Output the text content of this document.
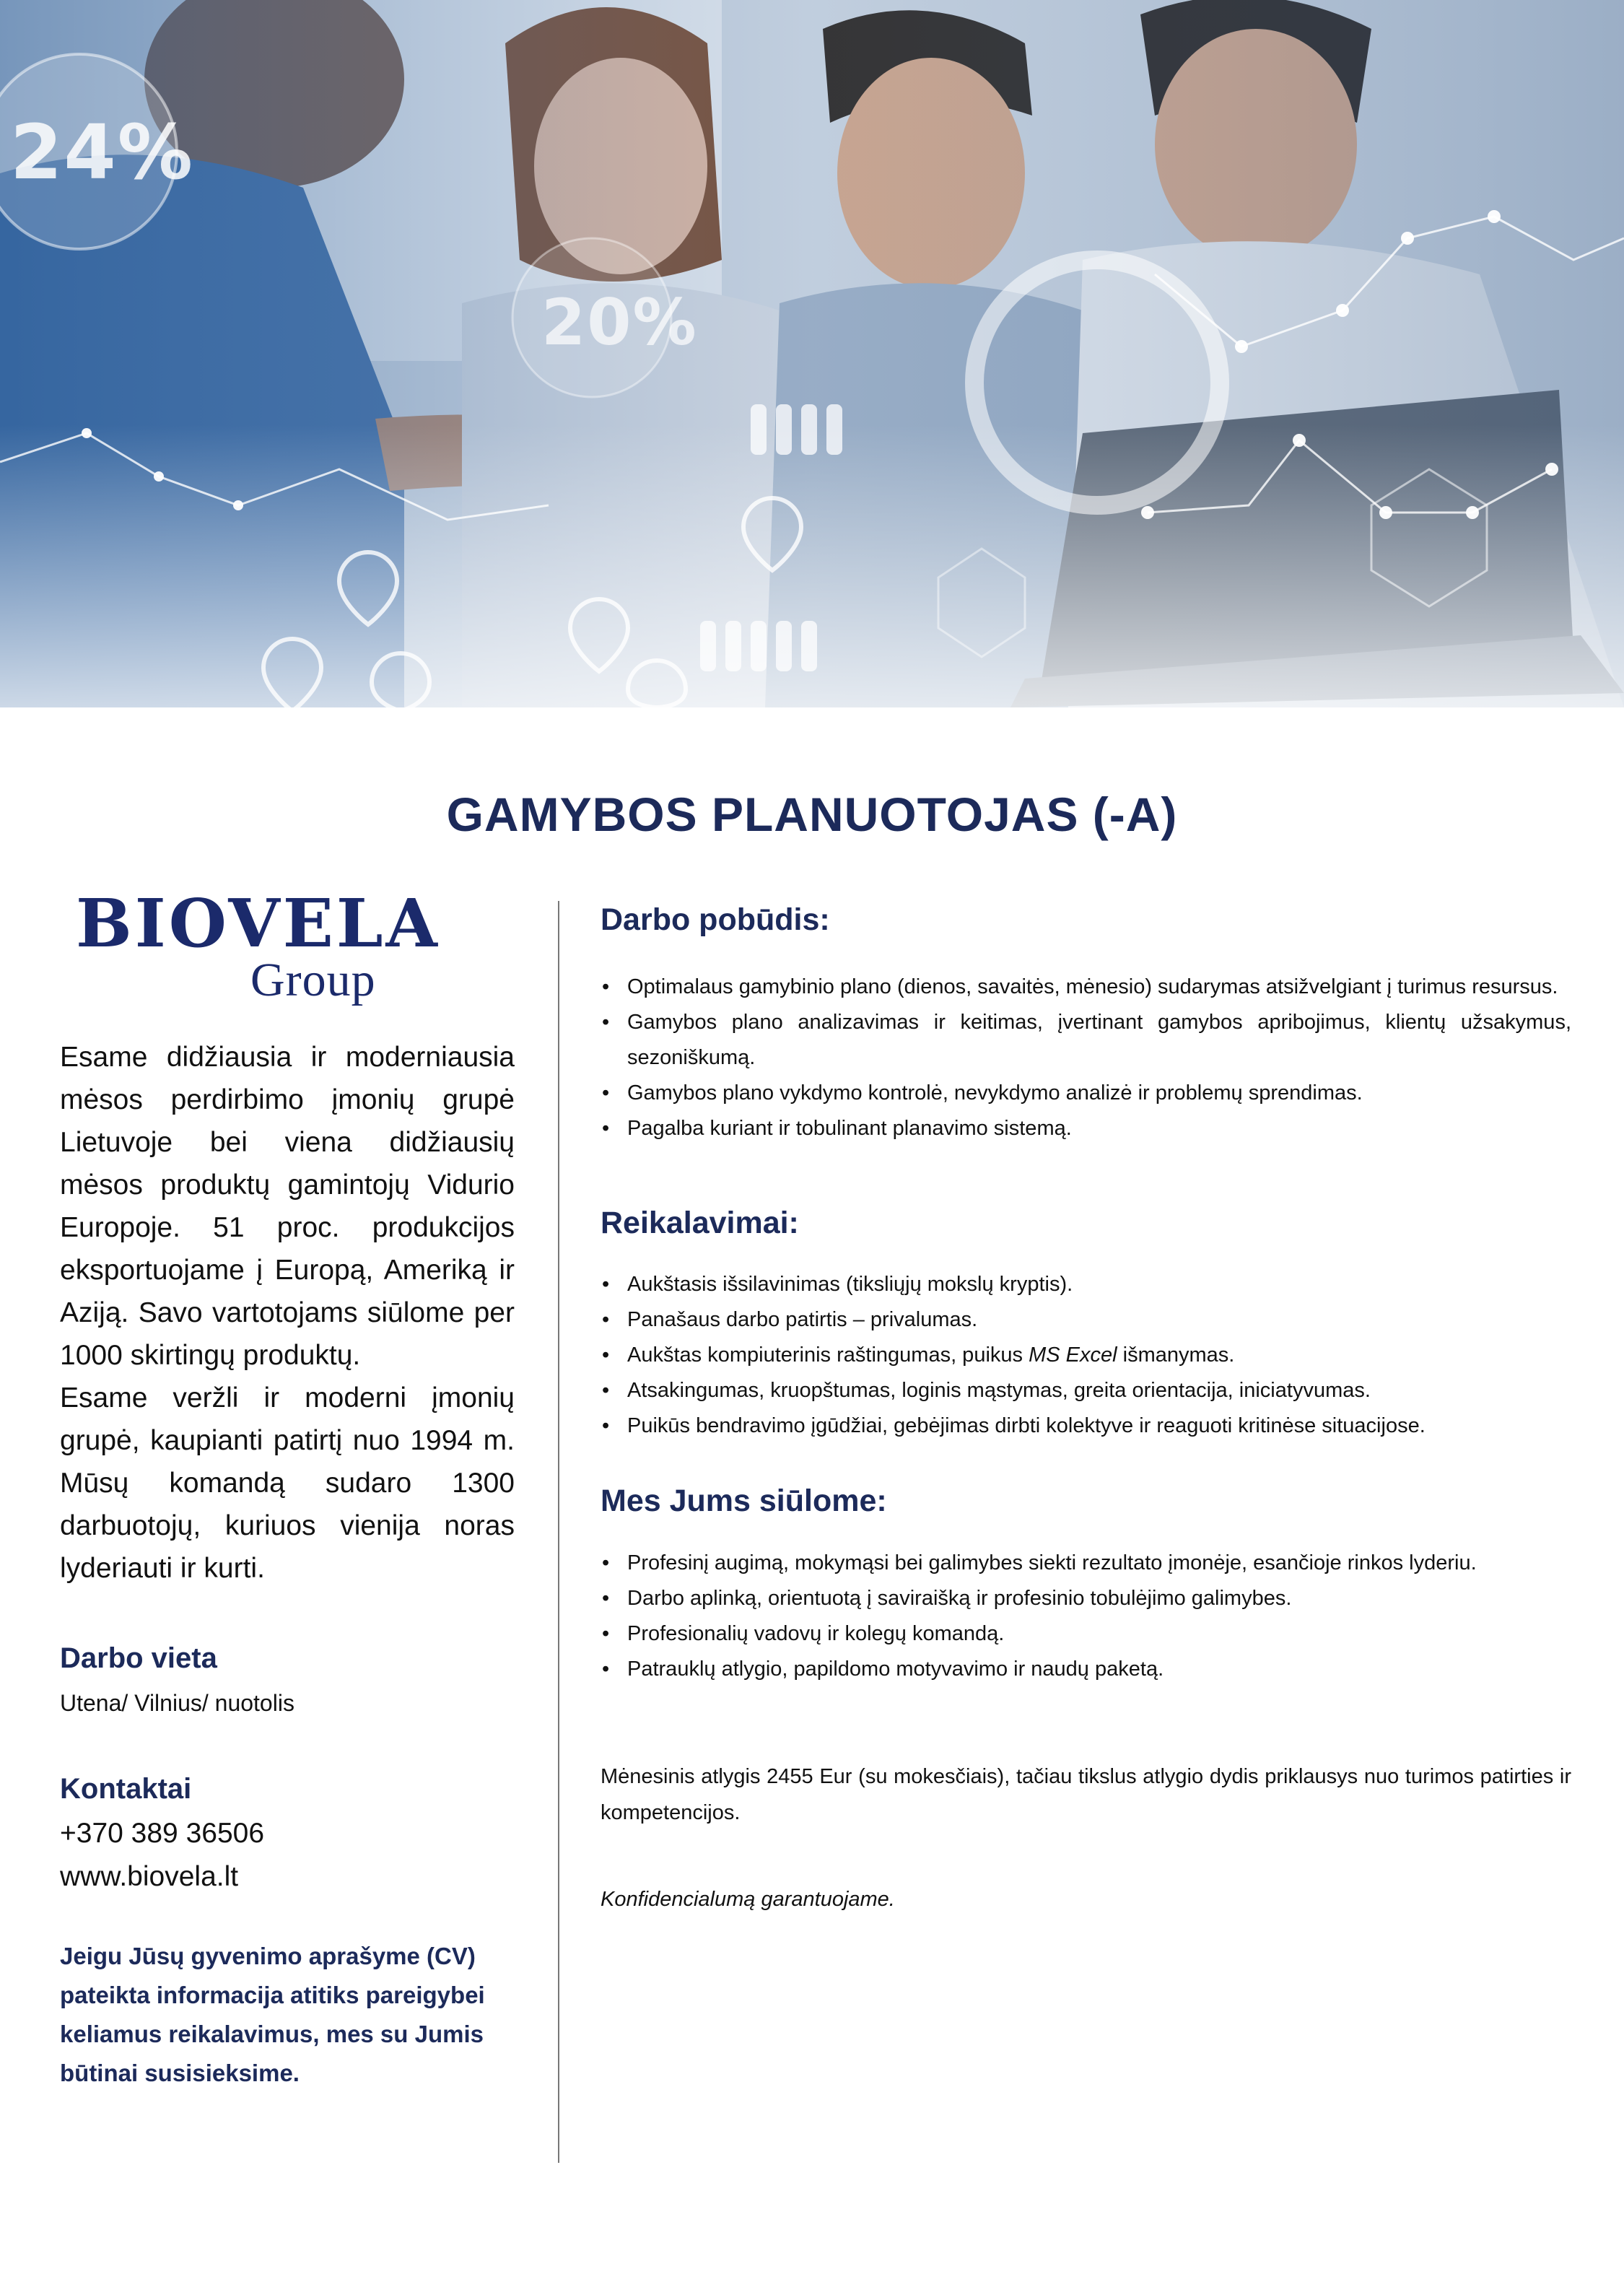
24%
20%
GAMYBOS PLANUOTOJAS (-A)
BIOVELA
Group

Esame didžiausia ir moderniausia mėsos perdirbimo įmonių grupė Lietuvoje bei viena didžiausių mėsos produktų gamintojų Vidurio Europoje. 51 proc. produkcijos eksportuojame į Europą, Ameriką ir Aziją. Savo vartotojams siūlome per 1000 skirtingų produktų.

Esame veržli ir moderni įmonių grupė, kaupianti patirtį nuo 1994 m. Mūsų komandą sudaro 1300 darbuotojų, kuriuos vienija noras lyderiauti ir kurti.

Darbo vieta
Utena/ Vilnius/ nuotolis
Kontaktai
+370 389 36506
www.biovela.lt
Jeigu Jūsų gyvenimo aprašyme (CV) pateikta informacija atitiks pareigybei keliamus reikalavimus, mes su Jumis būtinai susisieksime.
Darbo pobūdis:
• Optimalaus gamybinio plano (dienos, savaitės, mėnesio) sudarymas atsižvelgiant į turimus resursus.
• Gamybos plano analizavimas ir keitimas, įvertinant gamybos apribojimus, klientų užsakymus, sezoniškumą.
• Gamybos plano vykdymo kontrolė, nevykdymo analizė ir problemų sprendimas.
• Pagalba kuriant ir tobulinant planavimo sistemą.
Reikalavimai:
• Aukštasis išsilavinimas (tiksliųjų mokslų kryptis).
• Panašaus darbo patirtis – privalumas.
• Aukštas kompiuterinis raštingumas, puikus MS Excel išmanymas.
• Atsakingumas, kruopštumas, loginis mąstymas, greita orientacija, iniciatyvumas.
• Puikūs bendravimo įgūdžiai, gebėjimas dirbti kolektyve ir reaguoti kritinėse situacijose.
Mes Jums siūlome:
• Profesinį augimą, mokymąsi bei galimybes siekti rezultato įmonėje, esančioje rinkos lyderiu.
• Darbo aplinką, orientuotą į saviraišką ir profesinio tobulėjimo galimybes.
• Profesionalių vadovų ir kolegų komandą.
• Patrauklų atlygio, papildomo motyvavimo ir naudų paketą.
Mėnesinis atlygis 2455 Eur (su mokesčiais), tačiau tikslus atlygio dydis priklausys nuo turimos patirties ir kompetencijos.
Konfidencialumą garantuojame.
